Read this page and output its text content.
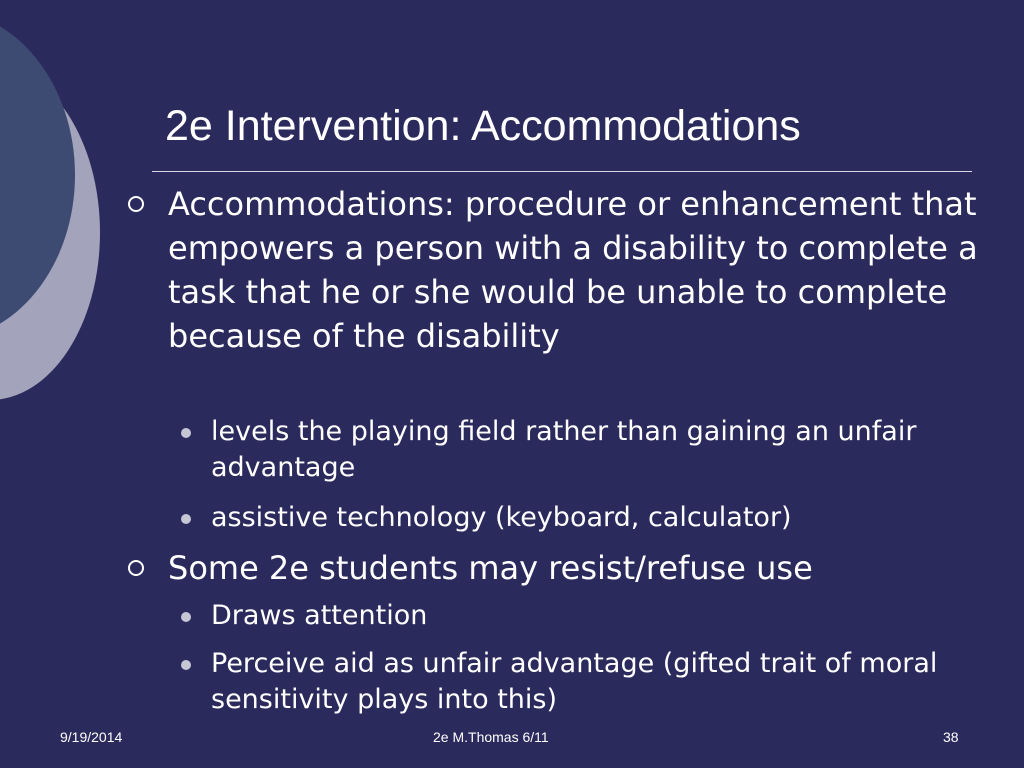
2e Intervention: Accommodations
Accommodations: procedure or enhancement that empowers a person with a disability to complete a task that he or she would be unable to complete because of the disability
levels the playing field rather than gaining an unfair advantage
assistive technology (keyboard, calculator)
Some 2e students may resist/refuse use
Draws attention
Perceive aid as unfair advantage (gifted trait of moral sensitivity plays into this)
9/19/2014	2e M.Thomas 6/11	38
